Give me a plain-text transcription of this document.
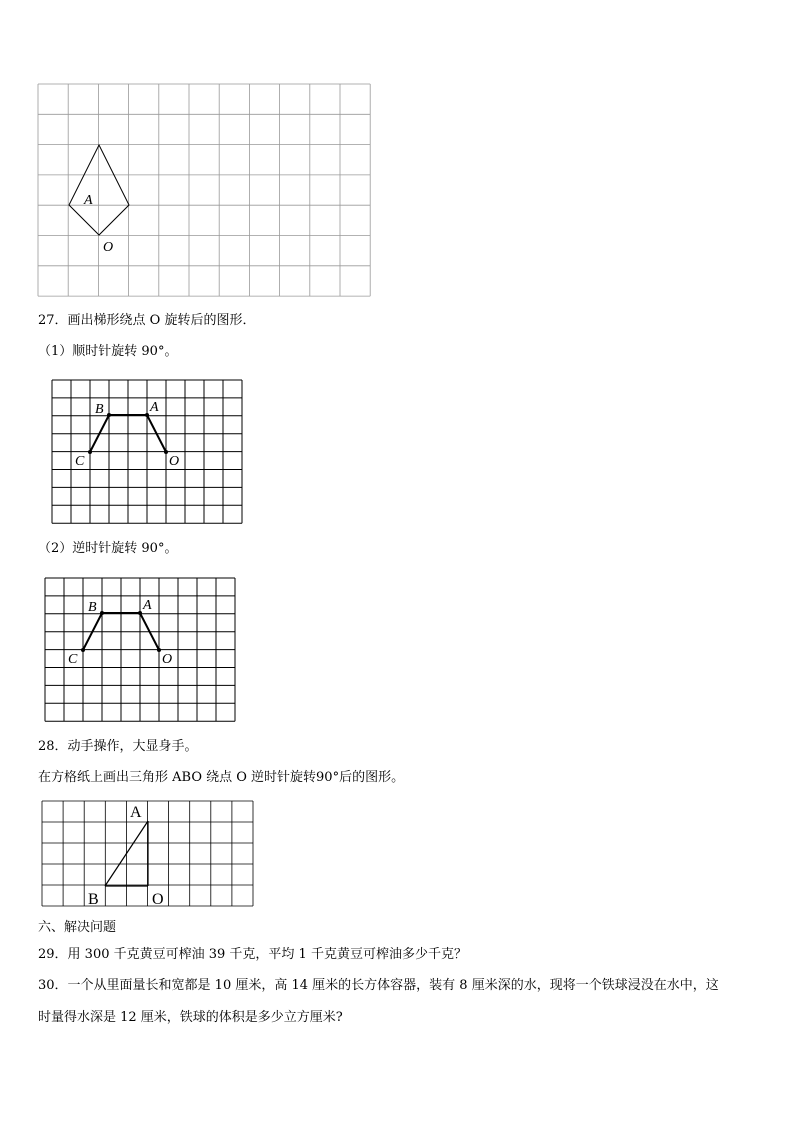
A
O
27．画出梯形绕点 O 旋转后的图形．
（1）顺时针旋转 90°。
B	A
C	O
（2）逆时针旋转 90°。
B	A
C	O
28．动手操作，大显身手。
在方格纸上画出三角形 ABO 绕点 O 逆时针旋转90°后的图形。
A
B	O
六、解决问题
29．用 300 千克黄豆可榨油 39 千克，平均 1 千克黄豆可榨油多少千克？
30．一个从里面量长和宽都是 10 厘米，高 14 厘米的长方体容器，装有 8 厘米深的水，现将一个铁球浸没在水中，这
时量得水深是 12 厘米，铁球的体积是多少立方厘米?
